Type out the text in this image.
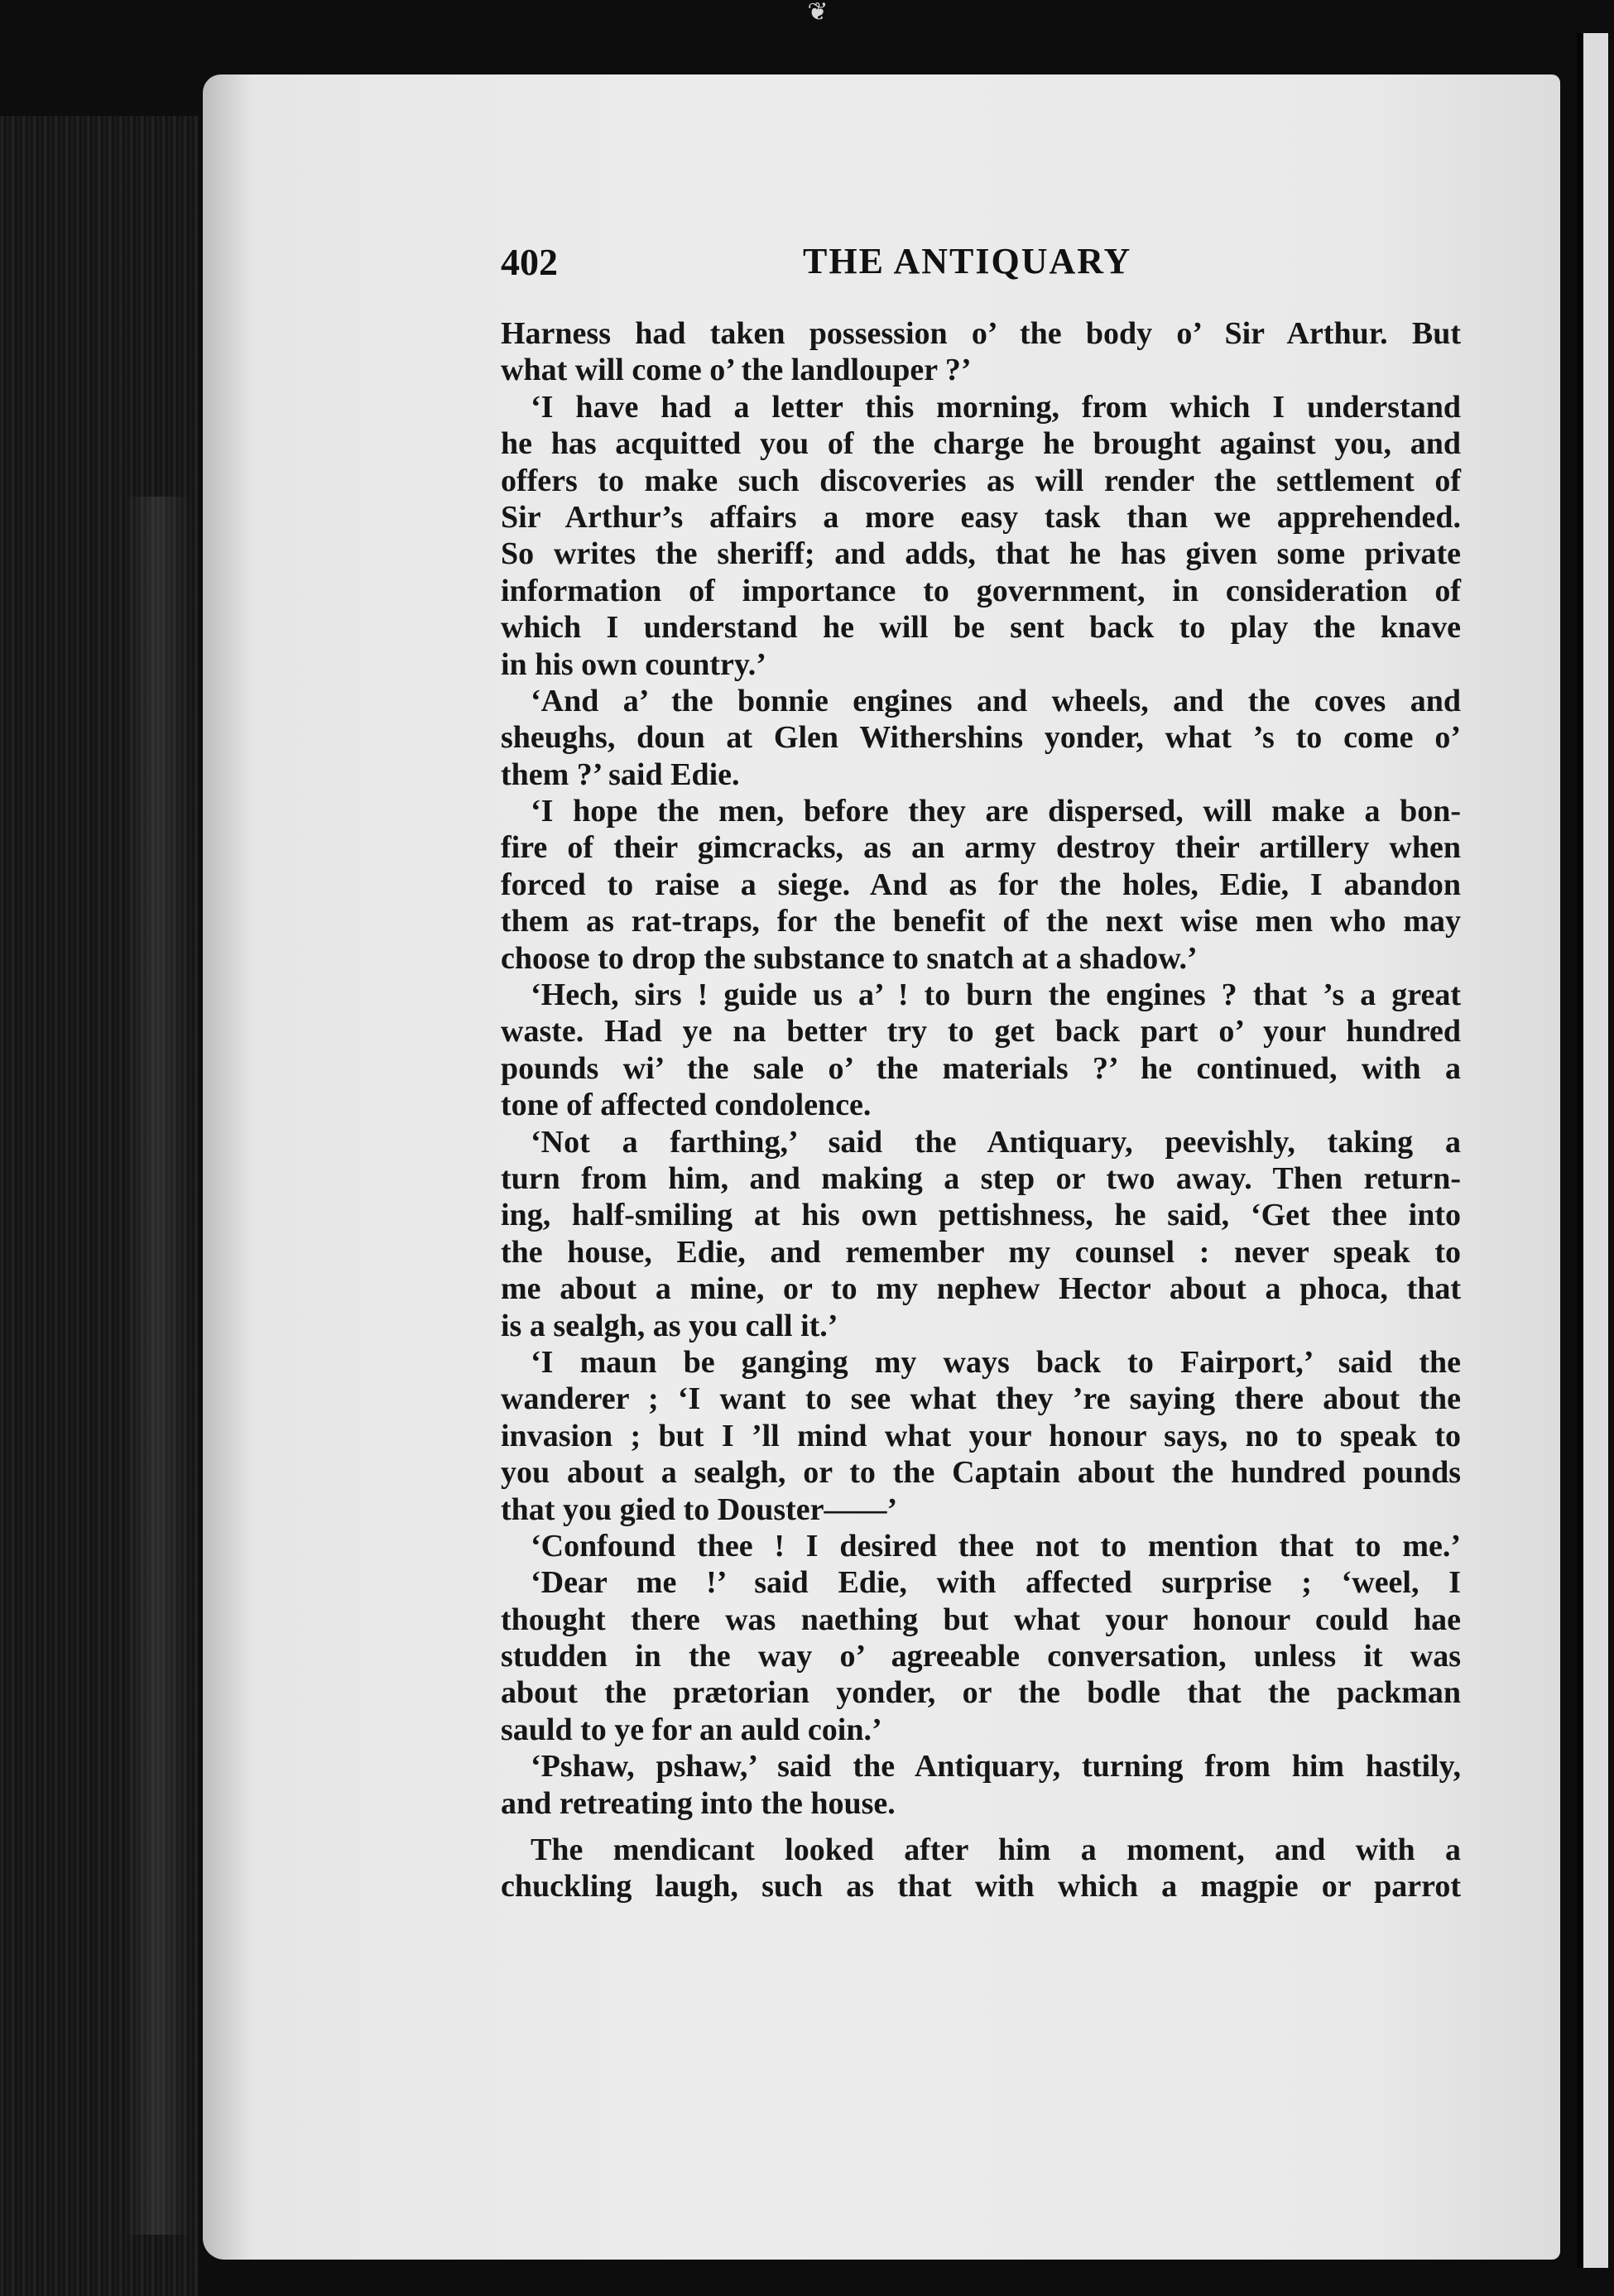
❦
402	THE ANTIQUARY
Harness had taken possession o’ the body o’ Sir Arthur. But
what will come o’ the landlouper ?’
‘I have had a letter this morning, from which I understand
he has acquitted you of the charge he brought against you, and
offers to make such discoveries as will render the settlement of
Sir Arthur’s affairs a more easy task than we apprehended.
So writes the sheriff; and adds, that he has given some private
information of importance to government, in consideration of
which I understand he will be sent back to play the knave
in his own country.’
‘And a’ the bonnie engines and wheels, and the coves and
sheughs, doun at Glen Withershins yonder, what ’s to come o’
them ?’ said Edie.
‘I hope the men, before they are dispersed, will make a bon-
fire of their gimcracks, as an army destroy their artillery when
forced to raise a siege. And as for the holes, Edie, I abandon
them as rat-traps, for the benefit of the next wise men who may
choose to drop the substance to snatch at a shadow.’
‘Hech, sirs ! guide us a’ ! to burn the engines ? that ’s a great
waste. Had ye na better try to get back part o’ your hundred
pounds wi’ the sale o’ the materials ?’ he continued, with a
tone of affected condolence.
‘Not a farthing,’ said the Antiquary, peevishly, taking a
turn from him, and making a step or two away. Then return-
ing, half-smiling at his own pettishness, he said, ‘Get thee into
the house, Edie, and remember my counsel : never speak to
me about a mine, or to my nephew Hector about a phoca, that
is a sealgh, as you call it.’
‘I maun be ganging my ways back to Fairport,’ said the
wanderer ; ‘I want to see what they ’re saying there about the
invasion ; but I ’ll mind what your honour says, no to speak to
you about a sealgh, or to the Captain about the hundred pounds
that you gied to Douster——’
‘Confound thee ! I desired thee not to mention that to me.’
‘Dear me !’ said Edie, with affected surprise ; ‘weel, I
thought there was naething but what your honour could hae
studden in the way o’ agreeable conversation, unless it was
about the prætorian yonder, or the bodle that the packman
sauld to ye for an auld coin.’
‘Pshaw, pshaw,’ said the Antiquary, turning from him hastily,
and retreating into the house.
The mendicant looked after him a moment, and with a
chuckling laugh, such as that with which a magpie or parrot
